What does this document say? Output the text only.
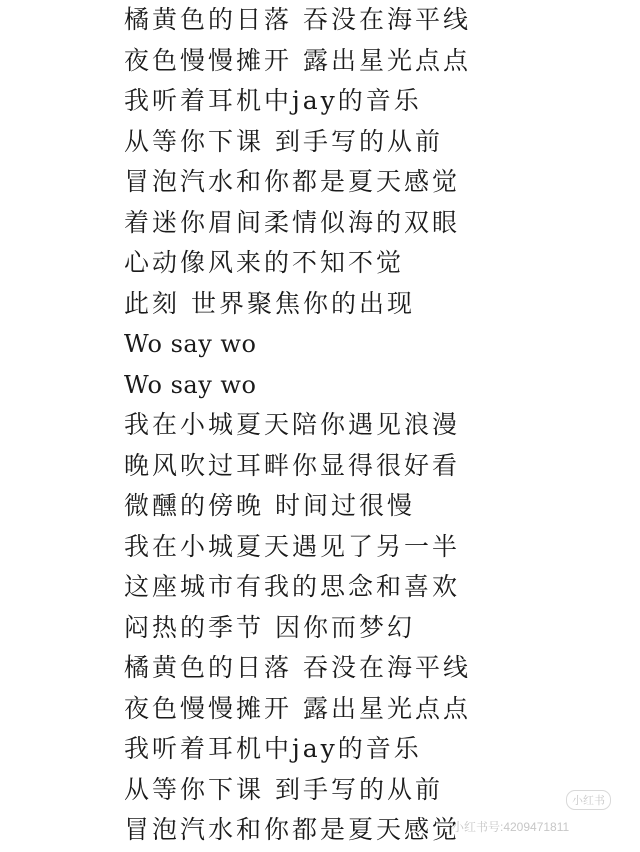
橘黄色的日落 吞没在海平线
夜色慢慢摊开 露出星光点点
我听着耳机中jay的音乐
从等你下课 到手写的从前
冒泡汽水和你都是夏天感觉
着迷你眉间柔情似海的双眼
心动像风来的不知不觉
此刻 世界聚焦你的出现
Wo say wo
Wo say wo
我在小城夏天陪你遇见浪漫
晚风吹过耳畔你显得很好看
微醺的傍晚 时间过很慢
我在小城夏天遇见了另一半
这座城市有我的思念和喜欢
闷热的季节 因你而梦幻
橘黄色的日落 吞没在海平线
夜色慢慢摊开 露出星光点点
我听着耳机中jay的音乐
从等你下课 到手写的从前
冒泡汽水和你都是夏天感觉
小红书
小红书号:4209471811
